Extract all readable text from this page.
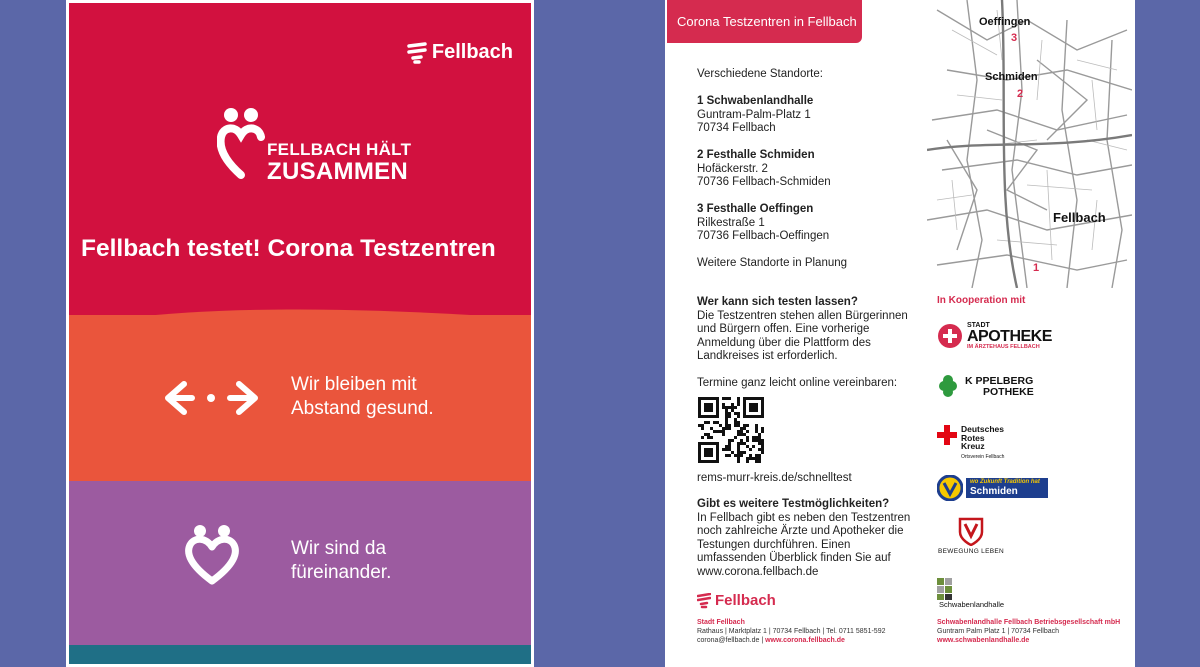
Fellbach
FELLBACH HÄLT
ZUSAMMEN
Fellbach testet! Corona Testzentren
Wir bleiben mit
Abstand gesund.
Wir sind da
füreinander.
Corona Testzentren in Fellbach
Verschiedene Standorte:
1 Schwabenlandhalle
Guntram-Palm-Platz 1
70734 Fellbach
2 Festhalle Schmiden
Hofäckerstr. 2
70736 Fellbach-Schmiden
3 Festhalle Oeffingen
Rilkestraße 1
70736 Fellbach-Oeffingen
Weitere Standorte in Planung
Wer kann sich testen lassen?
Die Testzentren stehen allen Bürgerinnen
und Bürgern offen. Eine vorherige
Anmeldung über die Plattform des
Landkreises ist erforderlich.
Termine ganz leicht online vereinbaren:
rems-murr-kreis.de/schnelltest
Gibt es weitere Testmöglichkeiten?
In Fellbach gibt es neben den Testzentren
noch zahlreiche Ärzte und Apotheker die
Testungen durchführen. Einen
umfassenden Überblick finden Sie auf
www.corona.fellbach.de
Oeffingen
3
Schmiden
2
Fellbach
1
In Kooperation mit
STADT
APOTHEKE
IM ÄRZTEHAUS FELLBACH
K PPELBERG
POTHEKE
Deutsches
Rotes
Kreuz
Ortsverein Fellbach
wo Zukunft Tradition hat
Schmiden
BEWEGUNG LEBEN
Schwabenlandhalle
Fellbach
Stadt Fellbach
Rathaus | Marktplatz 1 | 70734 Fellbach | Tel. 0711 5851-592
corona@fellbach.de | www.corona.fellbach.de
Schwabenlandhalle Fellbach Betriebsgesellschaft mbH
Guntram Palm Platz 1 | 70734 Fellbach
www.schwabenlandhalle.de
